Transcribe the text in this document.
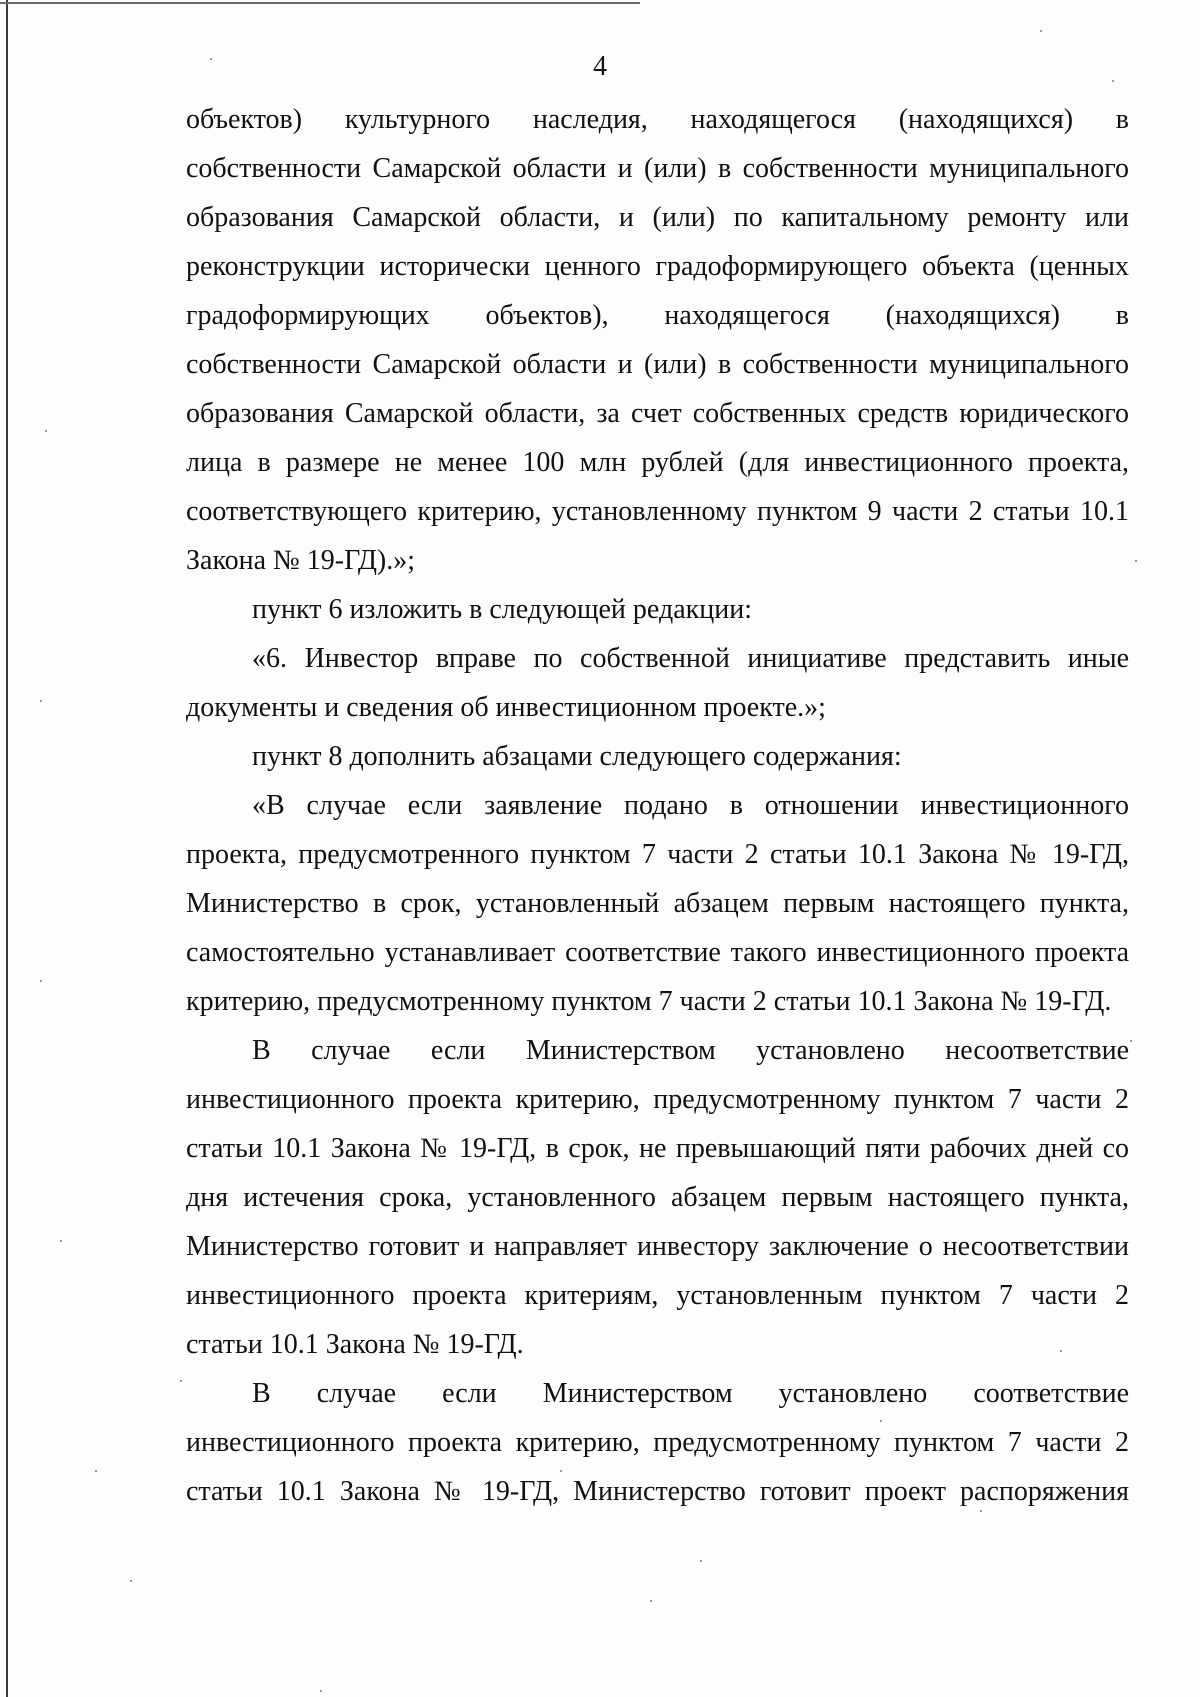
4
объектов) культурного наследия, находящегося (находящихся) в
собственности Самарской области и (или) в собственности муниципального
образования Самарской области, и (или) по капитальному ремонту или
реконструкции исторически ценного градоформирующего объекта (ценных
градоформирующих объектов), находящегося (находящихся) в
собственности Самарской области и (или) в собственности муниципального
образования Самарской области, за счет собственных средств юридического
лица в размере не менее 100 млн рублей (для инвестиционного проекта,
соответствующего критерию, установленному пунктом 9 части 2 статьи 10.1
Закона № 19-ГД).»;
пункт 6 изложить в следующей редакции:
«6. Инвестор вправе по собственной инициативе представить иные
документы и сведения об инвестиционном проекте.»;
пункт 8 дополнить абзацами следующего содержания:
«В случае если заявление подано в отношении инвестиционного
проекта, предусмотренного пунктом 7 части 2 статьи 10.1 Закона № 19-ГД,
Министерство в срок, установленный абзацем первым настоящего пункта,
самостоятельно устанавливает соответствие такого инвестиционного проекта
критерию, предусмотренному пунктом 7 части 2 статьи 10.1 Закона № 19-ГД.
В случае если Министерством установлено несоответствие
инвестиционного проекта критерию, предусмотренному пунктом 7 части 2
статьи 10.1 Закона № 19-ГД, в срок, не превышающий пяти рабочих дней со
дня истечения срока, установленного абзацем первым настоящего пункта,
Министерство готовит и направляет инвестору заключение о несоответствии
инвестиционного проекта критериям, установленным пунктом 7 части 2
статьи 10.1 Закона № 19-ГД.
В случае если Министерством установлено соответствие
инвестиционного проекта критерию, предусмотренному пунктом 7 части 2
статьи 10.1 Закона № 19-ГД, Министерство готовит проект распоряжения
